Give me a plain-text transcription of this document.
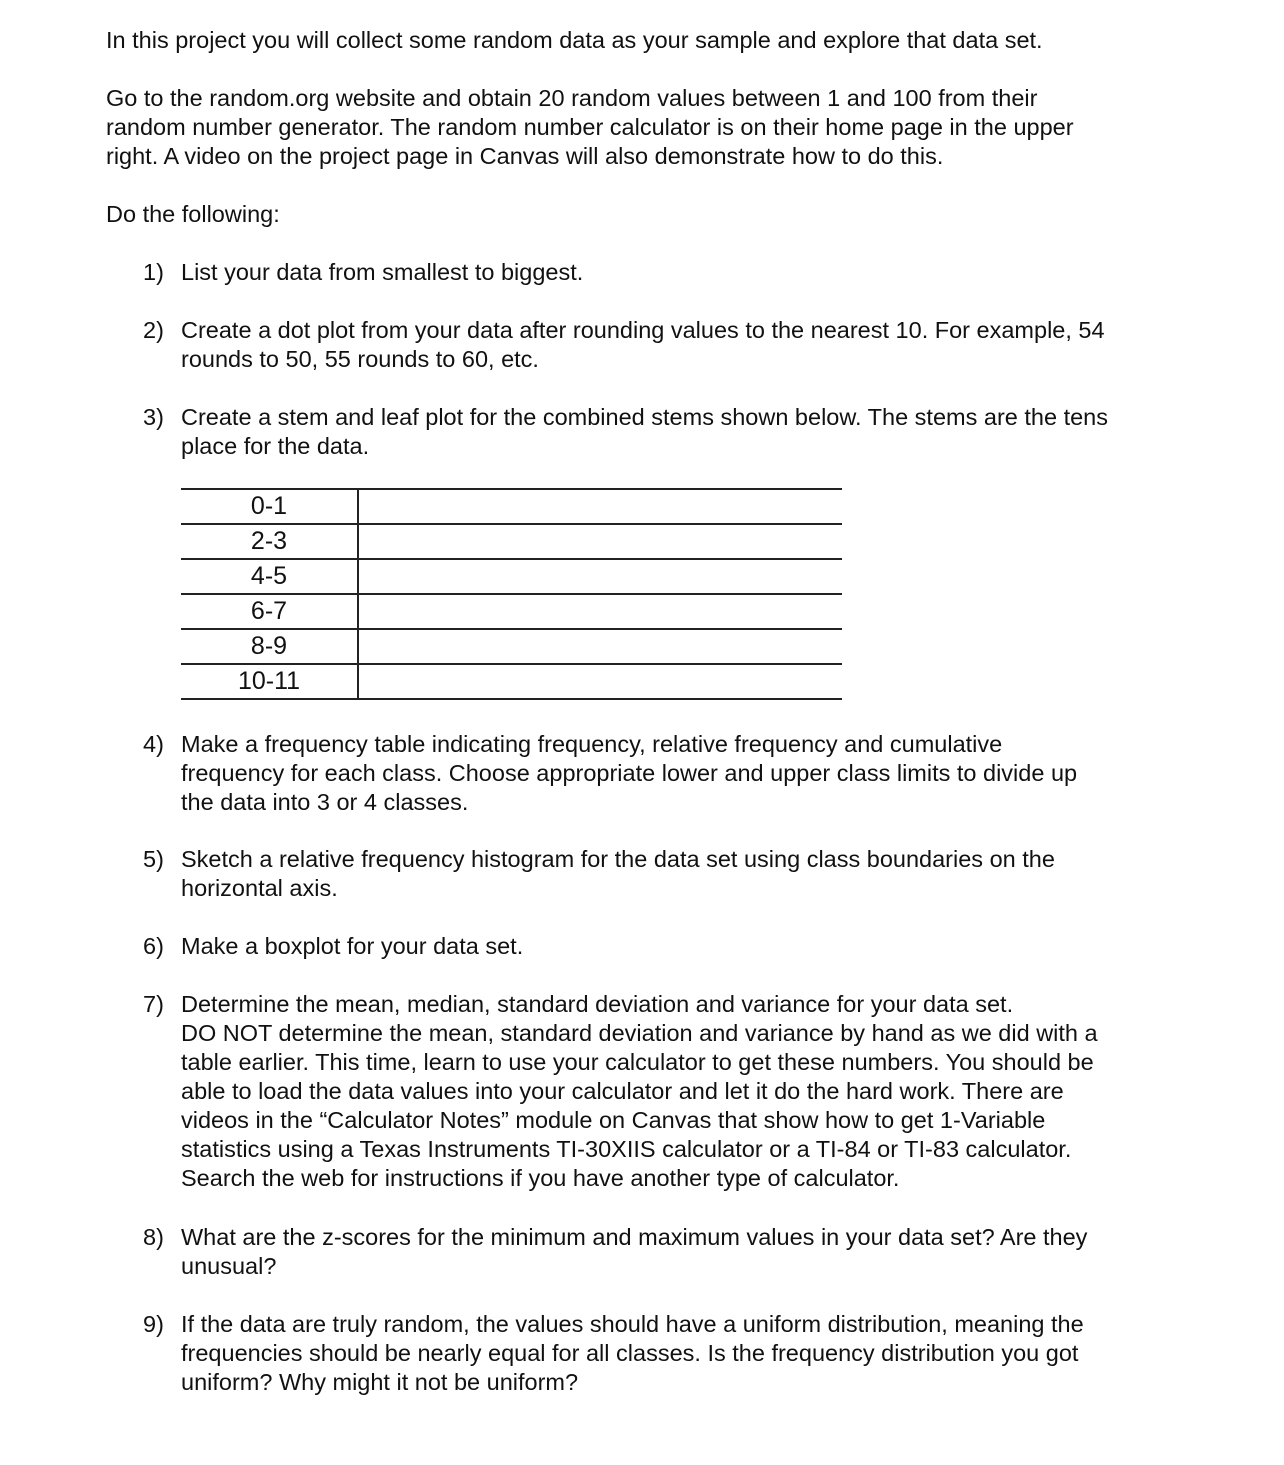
In this project you will collect some random data as your sample and explore that data set.
Go to the random.org website and obtain 20 random values between 1 and 100 from their
random number generator. The random number calculator is on their home page in the upper
right. A video on the project page in Canvas will also demonstrate how to do this.
Do the following:
1) List your data from smallest to biggest.
2) Create a dot plot from your data after rounding values to the nearest 10. For example, 54
rounds to 50, 55 rounds to 60, etc.
3) Create a stem and leaf plot for the combined stems shown below. The stems are the tens
place for the data.
4) Make a frequency table indicating frequency, relative frequency and cumulative
frequency for each class. Choose appropriate lower and upper class limits to divide up
the data into 3 or 4 classes.
5) Sketch a relative frequency histogram for the data set using class boundaries on the
horizontal axis.
6) Make a boxplot for your data set.
7) Determine the mean, median, standard deviation and variance for your data set.
DO NOT determine the mean, standard deviation and variance by hand as we did with a
table earlier. This time, learn to use your calculator to get these numbers. You should be
able to load the data values into your calculator and let it do the hard work. There are
videos in the “Calculator Notes” module on Canvas that show how to get 1-Variable
statistics using a Texas Instruments TI-30XIIS calculator or a TI-84 or TI-83 calculator.
Search the web for instructions if you have another type of calculator.
8) What are the z-scores for the minimum and maximum values in your data set? Are they
unusual?
9) If the data are truly random, the values should have a uniform distribution, meaning the
frequencies should be nearly equal for all classes. Is the frequency distribution you got
uniform? Why might it not be uniform?
0-1	
2-3	
4-5	
6-7	
8-9	
10-11	
